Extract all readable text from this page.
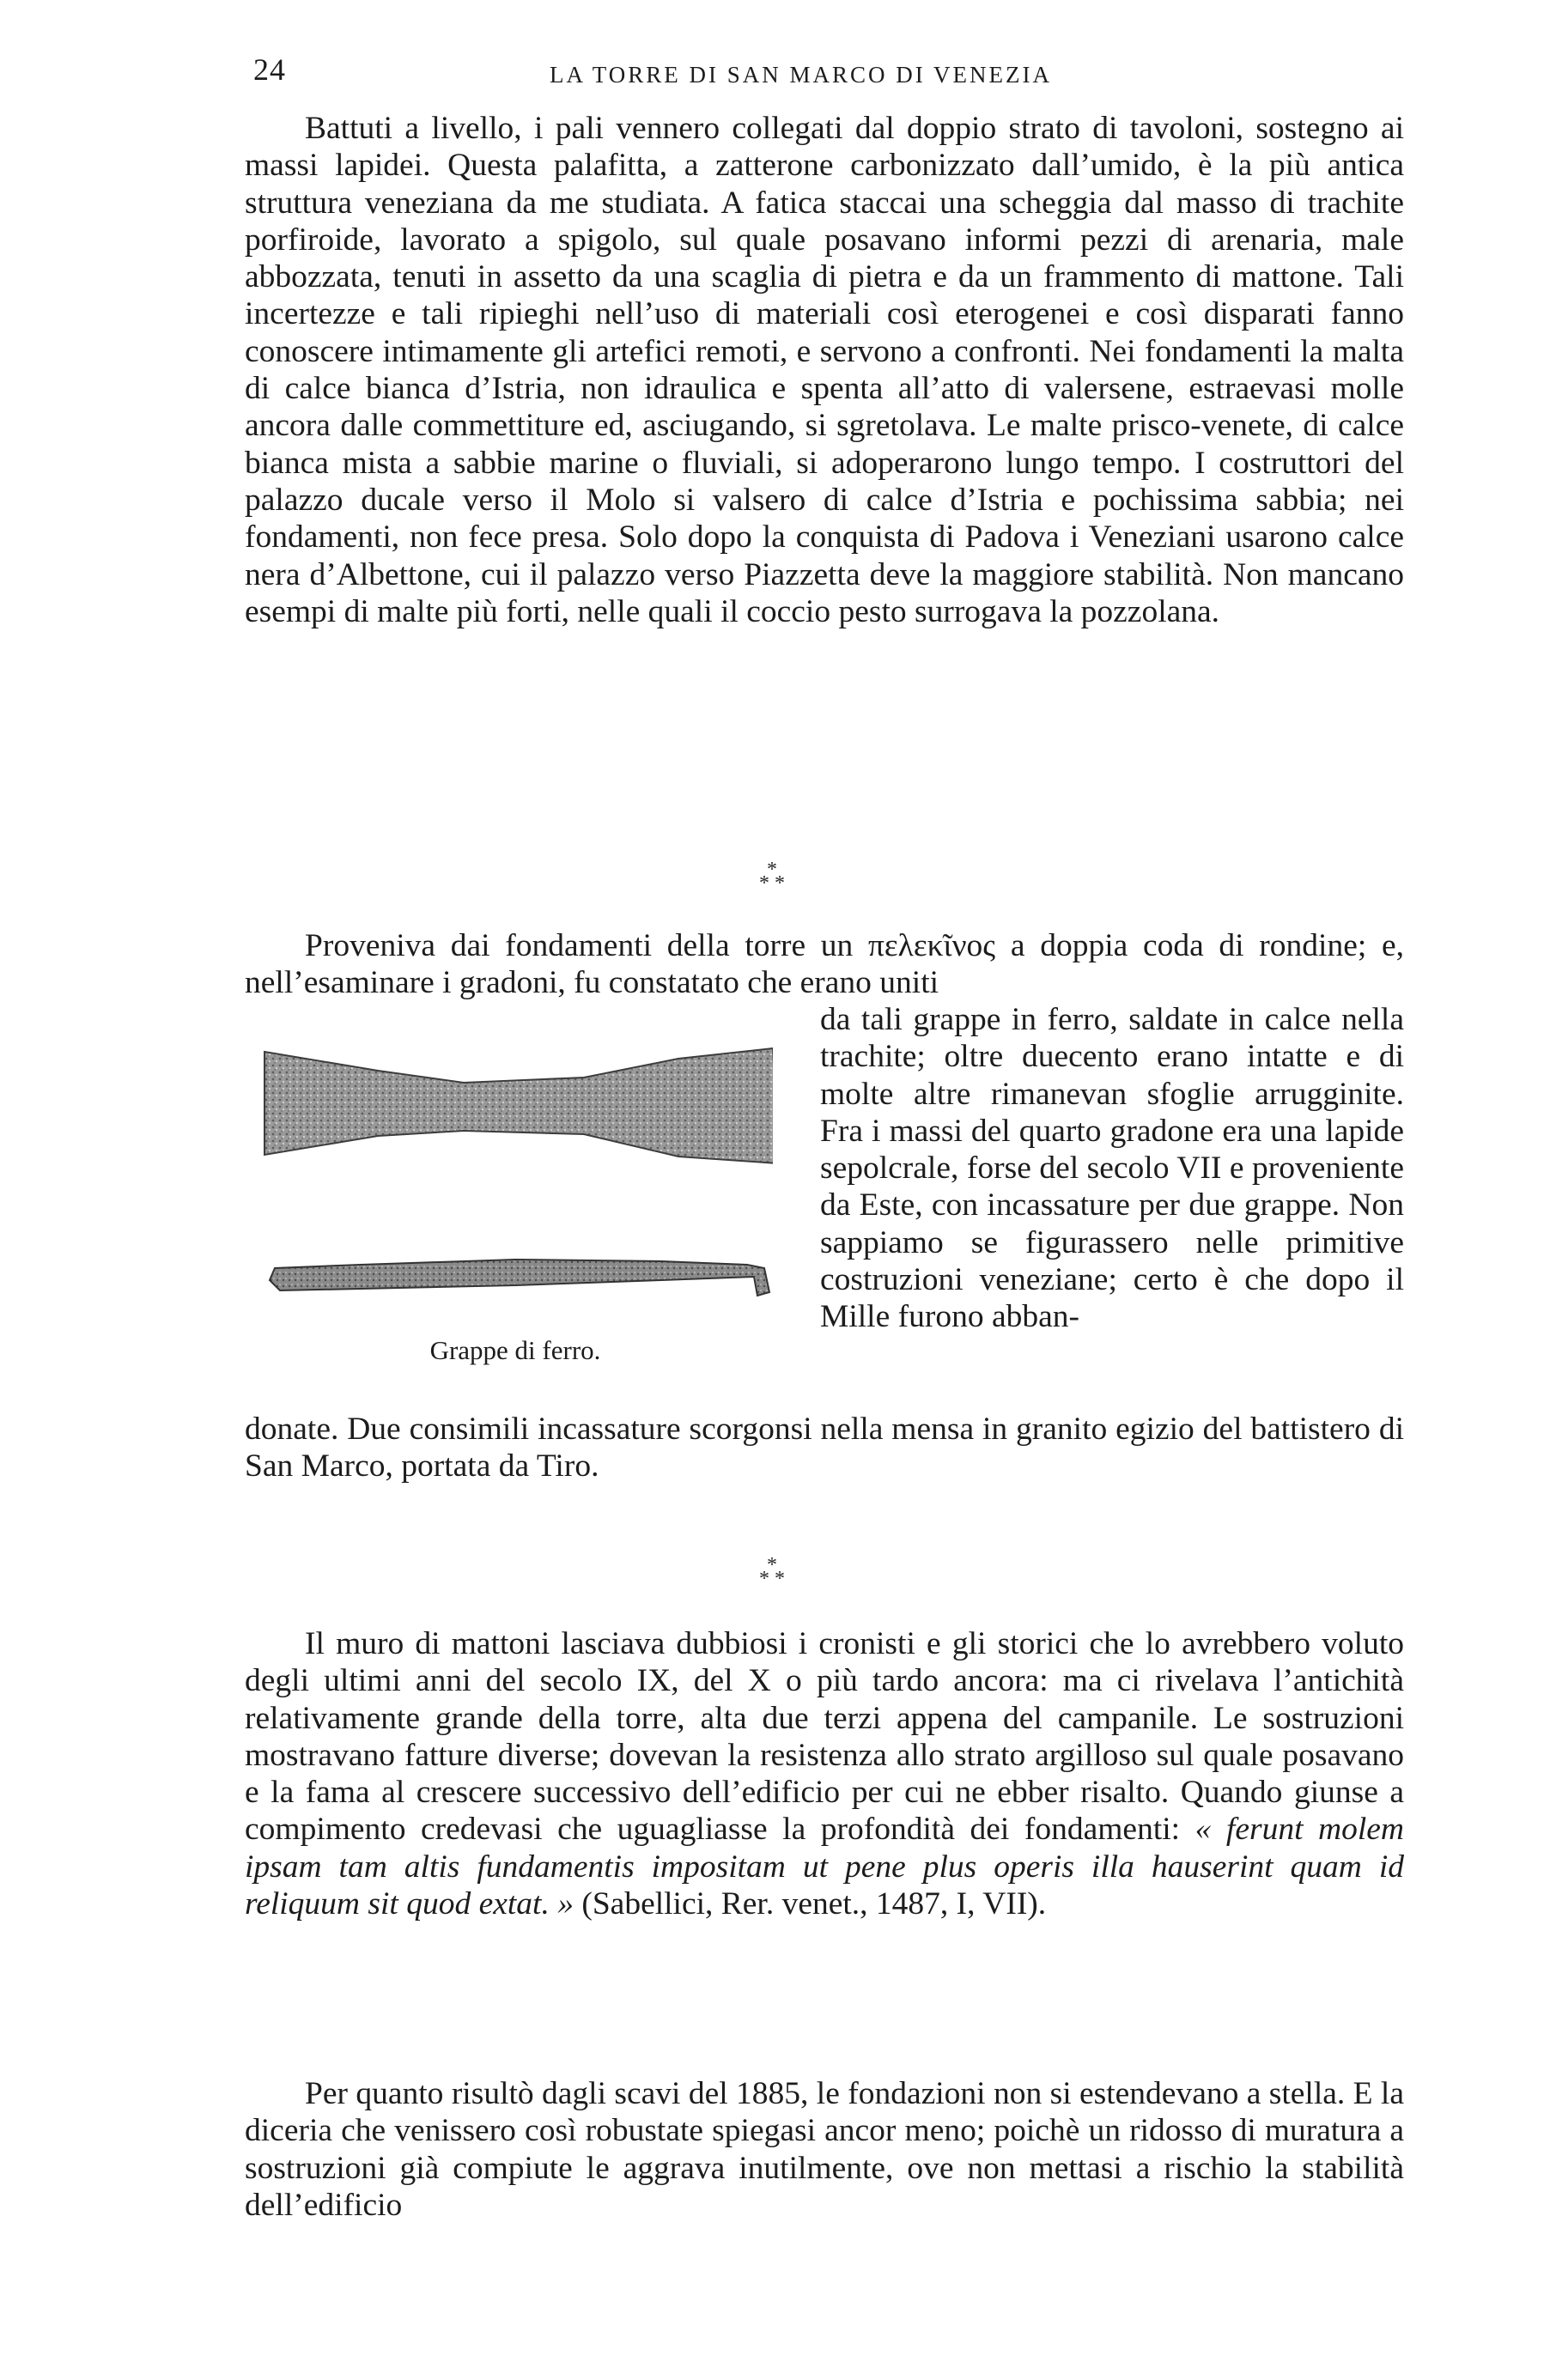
24	LA TORRE DI SAN MARCO DI VENEZIA
Battuti a livello, i pali vennero collegati dal doppio strato di tavoloni, sostegno ai massi lapidei. Questa palafitta, a zatterone carbonizzato dall’umido, è la più antica struttura veneziana da me studiata. A fatica staccai una scheggia dal masso di trachite porfiroide, lavorato a spigolo, sul quale posavano informi pezzi di arenaria, male abbozzata, tenuti in assetto da una scaglia di pietra e da un frammento di mattone. Tali incertezze e tali ripieghi nell’uso di materiali così eterogenei e così disparati fanno conoscere intimamente gli artefici remoti, e servono a confronti. Nei fondamenti la malta di calce bianca d’Istria, non idraulica e spenta all’atto di valersene, estraevasi molle ancora dalle commettiture ed, asciugando, si sgretolava. Le malte prisco-venete, di calce bianca mista a sabbie marine o fluviali, si adoperarono lungo tempo. I costruttori del palazzo ducale verso il Molo si valsero di calce d’Istria e pochissima sabbia; nei fondamenti, non fece presa. Solo dopo la conquista di Padova i Veneziani usarono calce nera d’Albettone, cui il palazzo verso Piazzetta deve la maggiore stabilità. Non mancano esempi di malte più forti, nelle quali il coccio pesto surrogava la pozzolana.
*
* *
Proveniva dai fondamenti della torre un πελεκῖνος a doppia coda di rondine; e, nell’esaminare i gradoni, fu constatato che erano uniti
Grappe di ferro.
da tali grappe in ferro, saldate in calce nella trachite; oltre duecento erano intatte e di molte altre rimanevan sfoglie arrugginite. Fra i massi del quarto gradone era una lapide sepolcrale, forse del secolo VII e proveniente da Este, con incassature per due grappe. Non sappiamo se figurassero nelle primitive costruzioni veneziane; certo è che dopo il Mille furono abban-
donate. Due consimili incassature scorgonsi nella mensa in granito egizio del battistero di San Marco, portata da Tiro.
*
* *
Il muro di mattoni lasciava dubbiosi i cronisti e gli storici che lo avrebbero voluto degli ultimi anni del secolo IX, del X o più tardo ancora: ma ci rivelava l’antichità relativamente grande della torre, alta due terzi appena del campanile. Le sostruzioni mostravano fatture diverse; dovevan la resistenza allo strato argilloso sul quale posavano e la fama al crescere successivo dell’edificio per cui ne ebber risalto. Quando giunse a compimento credevasi che uguagliasse la profondità dei fondamenti: « ferunt molem ipsam tam altis fundamentis impositam ut pene plus operis illa hauserint quam id reliquum sit quod extat. » (Sabellici, Rer. venet., 1487, I, VII).
Per quanto risultò dagli scavi del 1885, le fondazioni non si estendevano a stella. E la diceria che venissero così robustate spiegasi ancor meno; poichè un ridosso di muratura a sostruzioni già compiute le aggrava inutilmente, ove non mettasi a rischio la stabilità dell’edificio
